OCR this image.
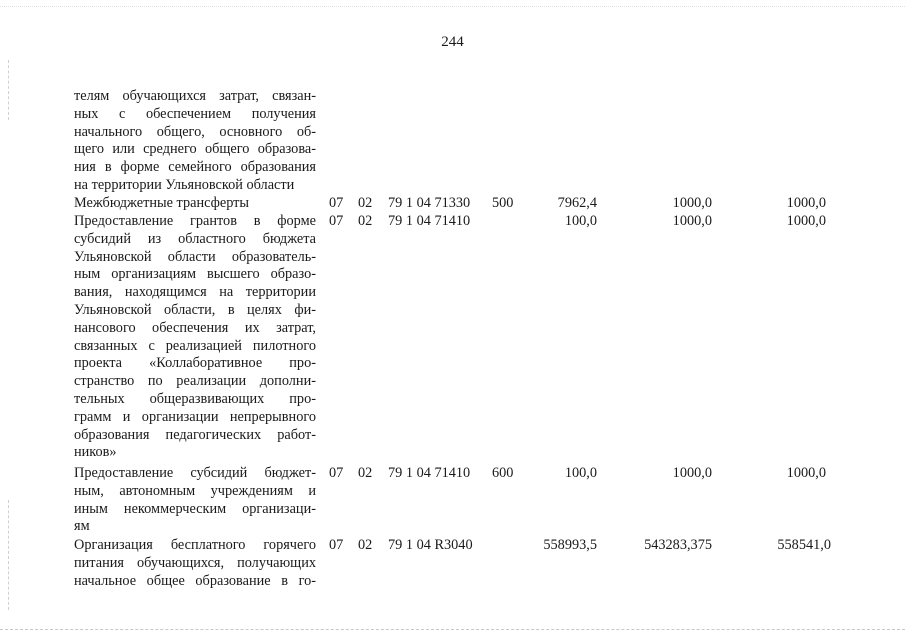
244
телям обучающихся затрат, связан-
ных с обеспечением получения
начального общего, основного об-
щего или среднего общего образова-
ния в форме семейного образования
на территории Ульяновской области
Межбюджетные трансферты	07 02 79 1 04 71330 500	7962,4	1000,0	1000,0
Предоставление грантов в форме
субсидий из областного бюджета
Ульяновской области образователь-
ным организациям высшего образо-
вания, находящимся на территории
Ульяновской области, в целях фи-
нансового обеспечения их затрат,
связанных с реализацией пилотного
проекта «Коллаборативное про-
странство по реализации дополни-
тельных общеразвивающих про-
грамм и организации непрерывного
образования педагогических работ-
ников»
07 02 79 1 04 71410	100,0	1000,0	1000,0
Предоставление субсидий бюджет-
ным, автономным учреждениям и
иным некоммерческим организаци-
ям
07 02 79 1 04 71410 600	100,0	1000,0	1000,0
Организация бесплатного горячего
питания обучающихся, получающих
начальное общее образование в го-
07 02 79 1 04 R3040	558993,5	543283,375	558541,0
